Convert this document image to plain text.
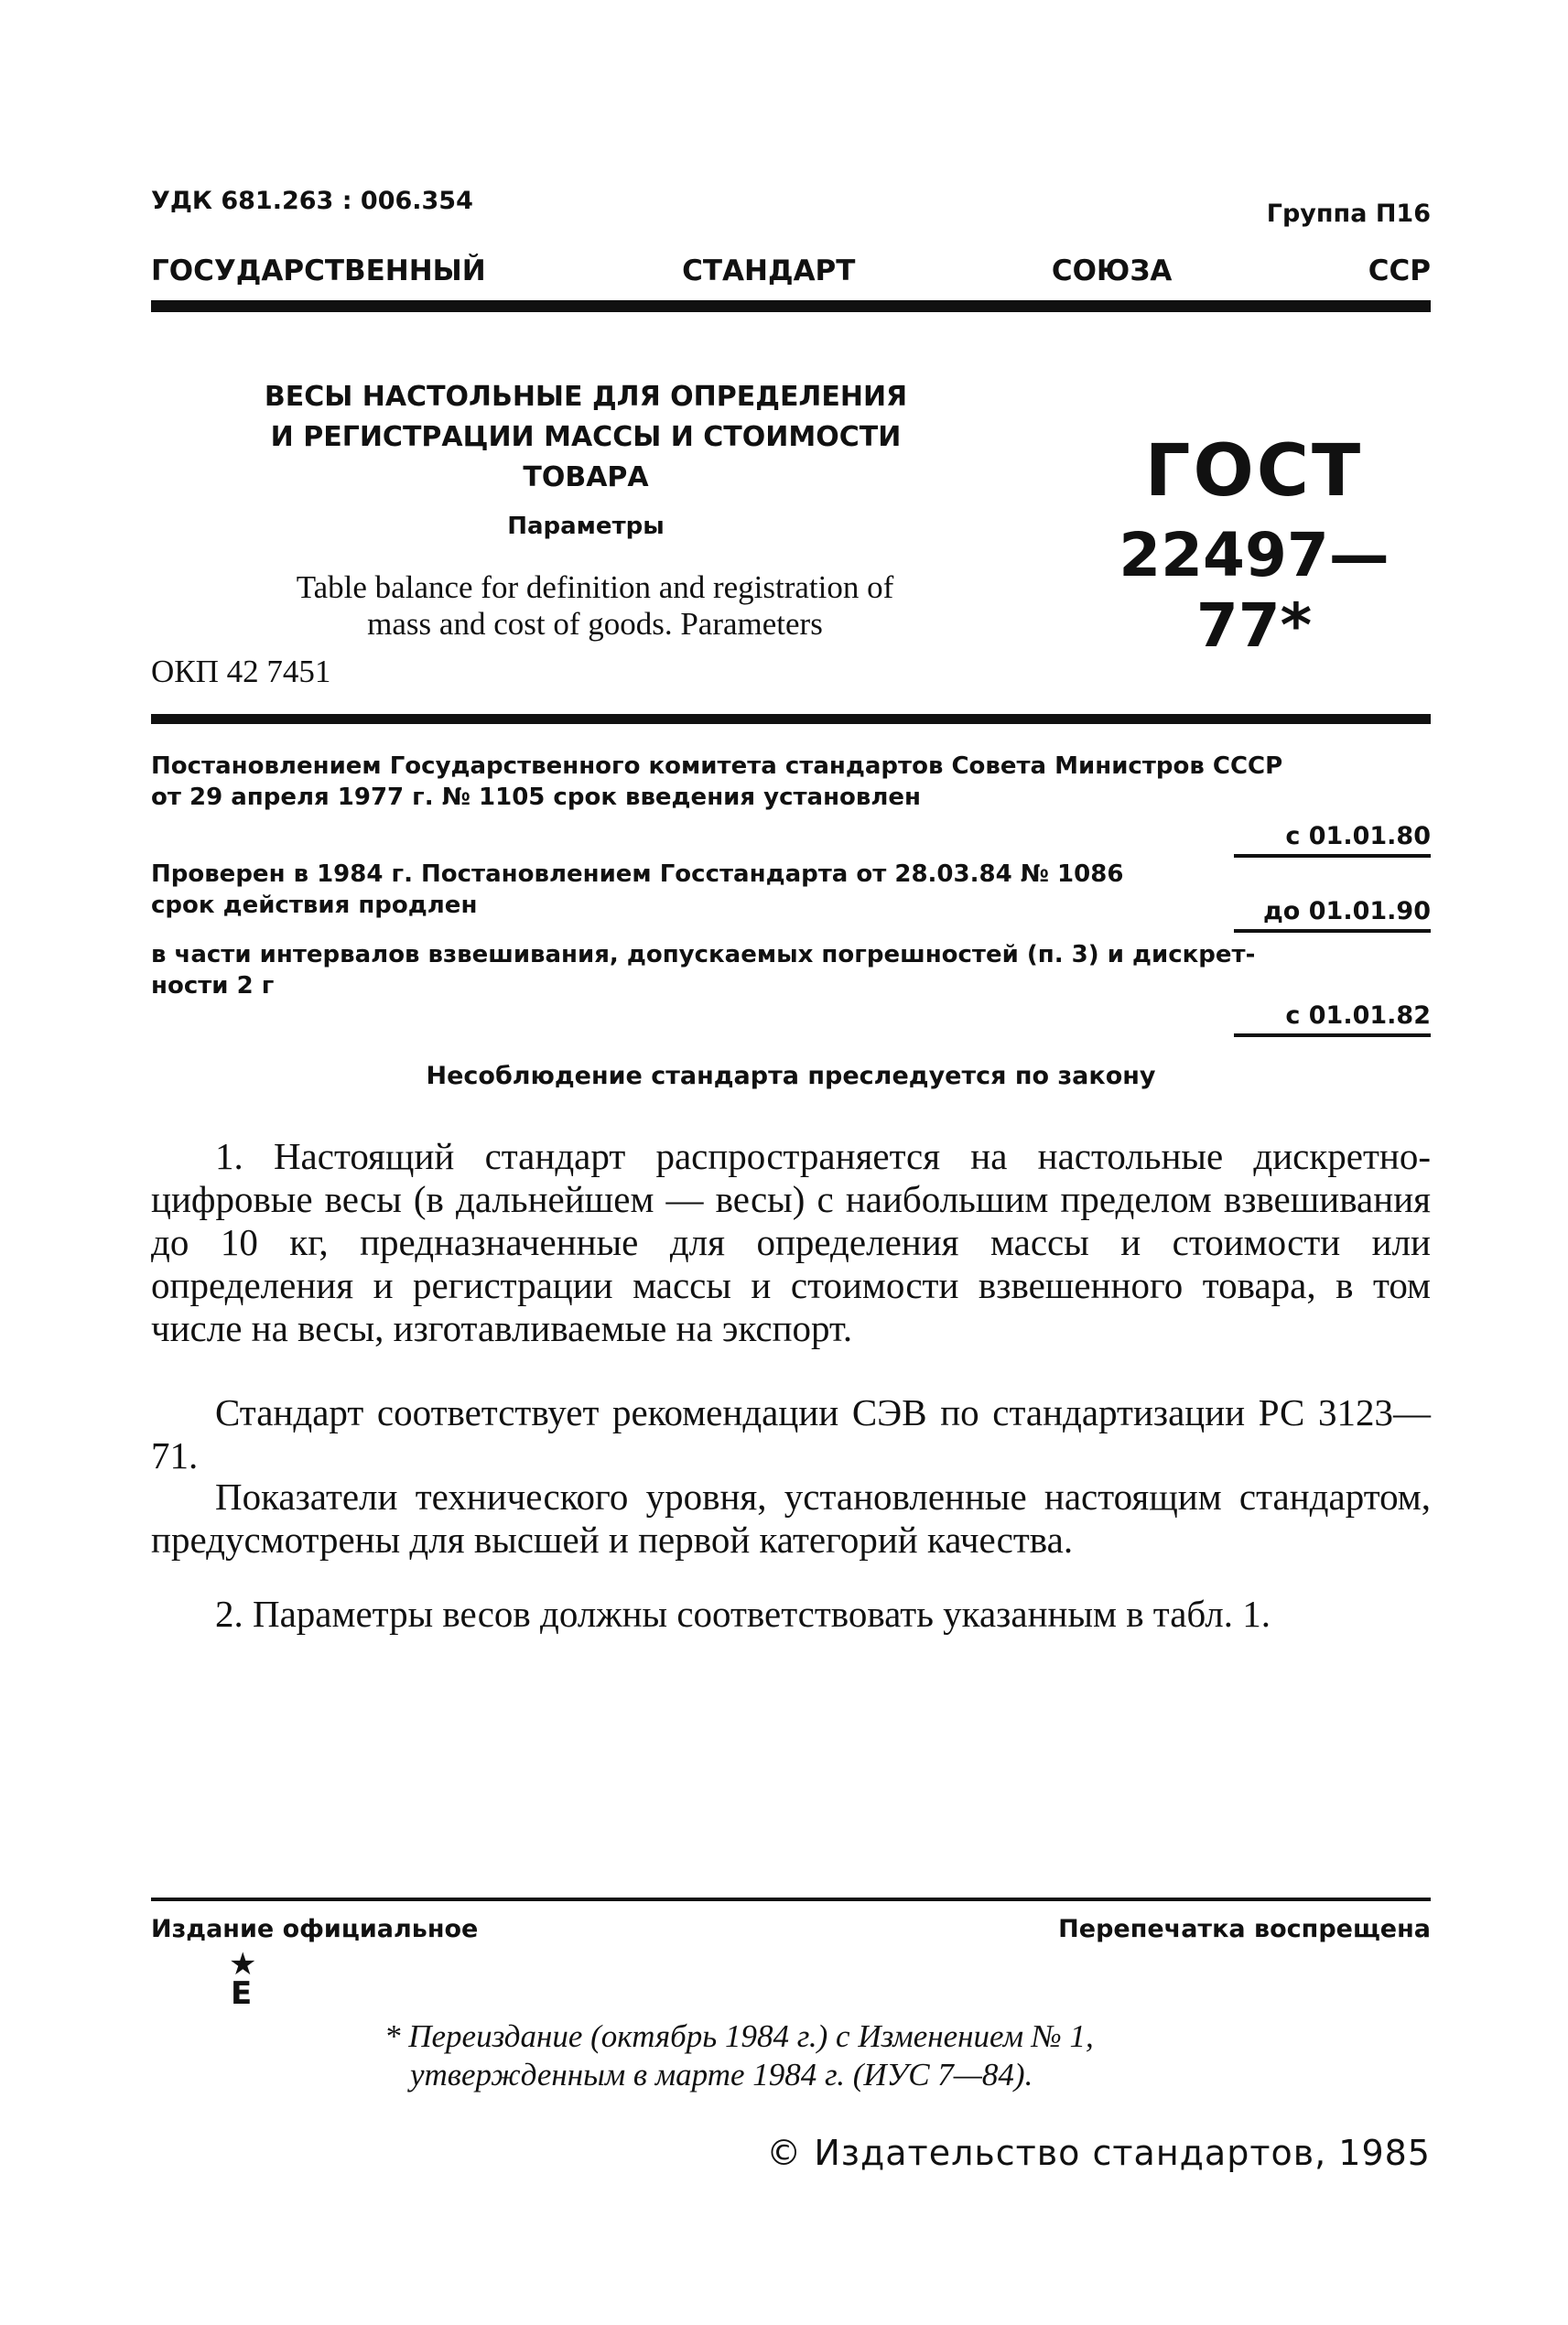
УДК 681.263 : 006.354	Группа П16
ГОСУДАРСТВЕННЫЙ	СТАНДАРТ	СОЮЗА	ССР
ВЕСЫ НАСТОЛЬНЫЕ ДЛЯ ОПРЕДЕЛЕНИЯ
И РЕГИСТРАЦИИ МАССЫ И СТОИМОСТИ
ТОВАРА
Параметры
Table balance for definition and registration of
mass and cost of goods. Parameters
ОКП 42 7451
ГОСТ
22497—77*
Постановлением Государственного комитета стандартов Совета Министров СССР
от 29 апреля 1977 г. № 1105 срок введения установлен
с 01.01.80
Проверен в 1984 г. Постановлением Госстандарта от 28.03.84 № 1086
срок действия продлен	до 01.01.90
в части интервалов взвешивания, допускаемых погрешностей (п. 3) и дискрет-
ности 2 г
с 01.01.82
Несоблюдение стандарта преследуется по закону

1. Настоящий стандарт распространяется на настольные дискретно-цифровые весы (в дальнейшем — весы) с наибольшим пределом взвешивания до 10 кг, предназначенные для определения массы и стоимости или определения и регистрации массы и стоимости взвешенного товара, в том числе на весы, изготавливаемые на экспорт.

Стандарт соответствует рекомендации СЭВ по стандартизации РС 3123—71.

Показатели технического уровня, установленные настоящим стандартом, предусмотрены для высшей и первой категорий качества.

2. Параметры весов должны соответствовать указанным в табл. 1.

Издание официальное	Перепечатка воспрещена
★
Е
* Переиздание (октябрь 1984 г.) с Изменением № 1,
утвержденным в марте 1984 г. (ИУС 7—84).
© Издательство стандартов, 1985
